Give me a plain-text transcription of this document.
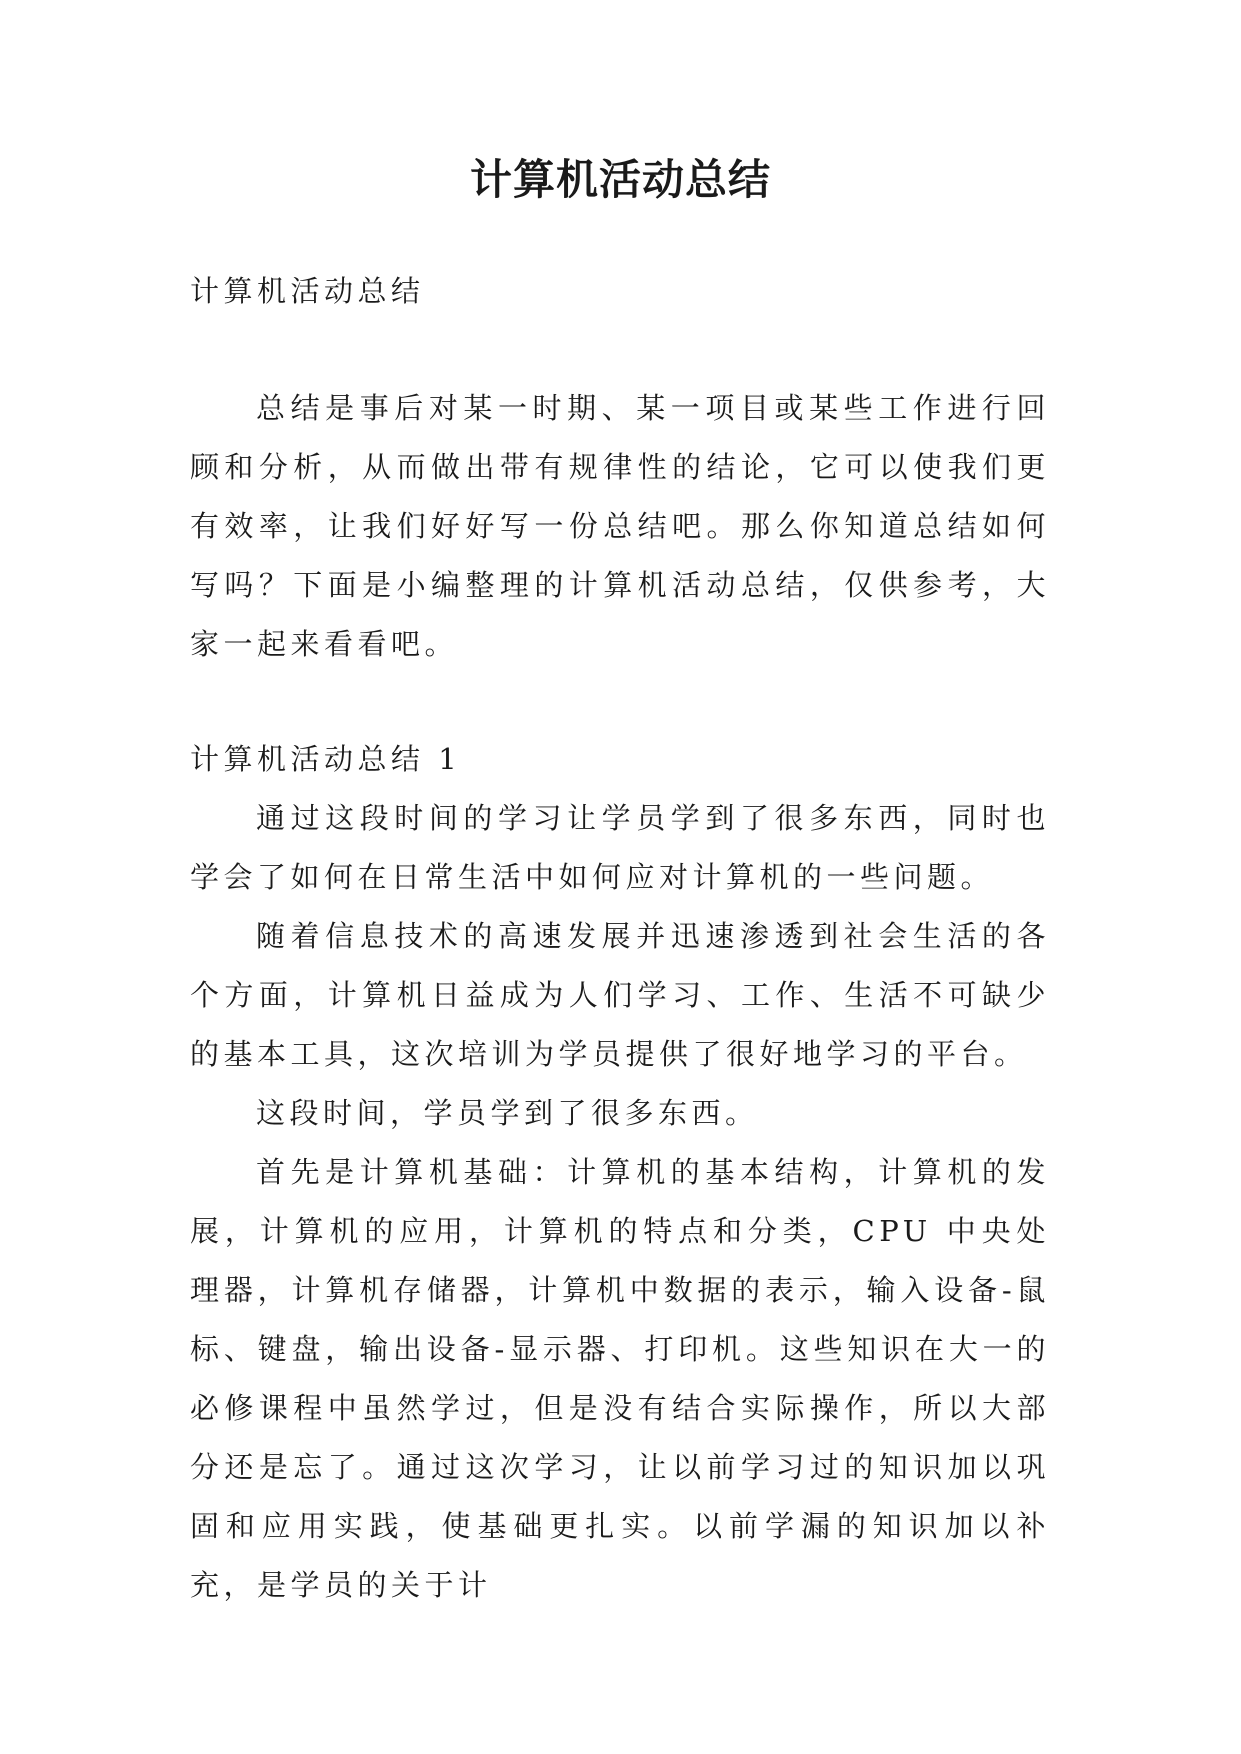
计算机活动总结

计算机活动总结

总结是事后对某一时期、某一项目或某些工作进行回顾和分析，从而做出带有规律性的结论，它可以使我们更有效率，让我们好好写一份总结吧。那么你知道总结如何写吗？下面是小编整理的计算机活动总结，仅供参考，大家一起来看看吧。

计算机活动总结 1

通过这段时间的学习让学员学到了很多东西，同时也学会了如何在日常生活中如何应对计算机的一些问题。

随着信息技术的高速发展并迅速渗透到社会生活的各个方面，计算机日益成为人们学习、工作、生活不可缺少的基本工具，这次培训为学员提供了很好地学习的平台。

这段时间，学员学到了很多东西。

首先是计算机基础：计算机的基本结构，计算机的发展，计算机的应用，计算机的特点和分类，CPU 中央处理器，计算机存储器，计算机中数据的表示，输入设备-鼠标、键盘，输出设备-显示器、打印机。这些知识在大一的必修课程中虽然学过，但是没有结合实际操作，所以大部分还是忘了。通过这次学习，让以前学习过的知识加以巩固和应用实践，使基础更扎实。以前学漏的知识加以补充，是学员的关于计
